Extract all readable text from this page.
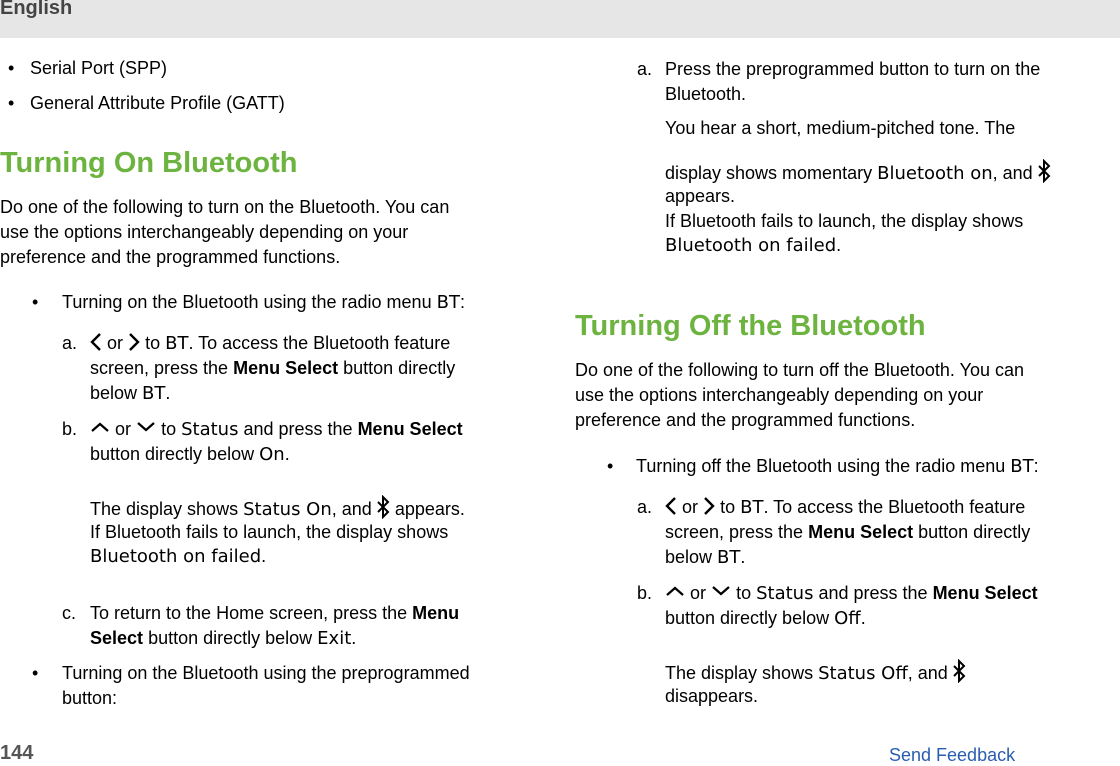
English
• Serial Port (SPP)
• General Attribute Profile (GATT)
Turning On Bluetooth
Do one of the following to turn on the Bluetooth. You can
use the options interchangeably depending on your
preference and the programmed functions.
• Turning on the Bluetooth using the radio menu BT:
a.	or to BT. To access the Bluetooth feature
screen, press the Menu Select button directly
below BT.
b.	or to Status and press the Menu Select
button directly below On.
The display shows Status On, and appears.
If Bluetooth fails to launch, the display shows
Bluetooth on failed.
c. To return to the Home screen, press the Menu
Select button directly below Exit.
• Turning on the Bluetooth using the preprogrammed
button:
a. Press the preprogrammed button to turn on the
Bluetooth.
You hear a short, medium-pitched tone. The
display shows momentary Bluetooth on, and
appears.
If Bluetooth fails to launch, the display shows
Bluetooth on failed.
Turning Off the Bluetooth
Do one of the following to turn off the Bluetooth. You can
use the options interchangeably depending on your
preference and the programmed functions.
• Turning off the Bluetooth using the radio menu BT:
a.	or to BT. To access the Bluetooth feature
screen, press the Menu Select button directly
below BT.
b.	or to Status and press the Menu Select
button directly below Off.
The display shows Status Off, and
disappears.
144	Send Feedback
